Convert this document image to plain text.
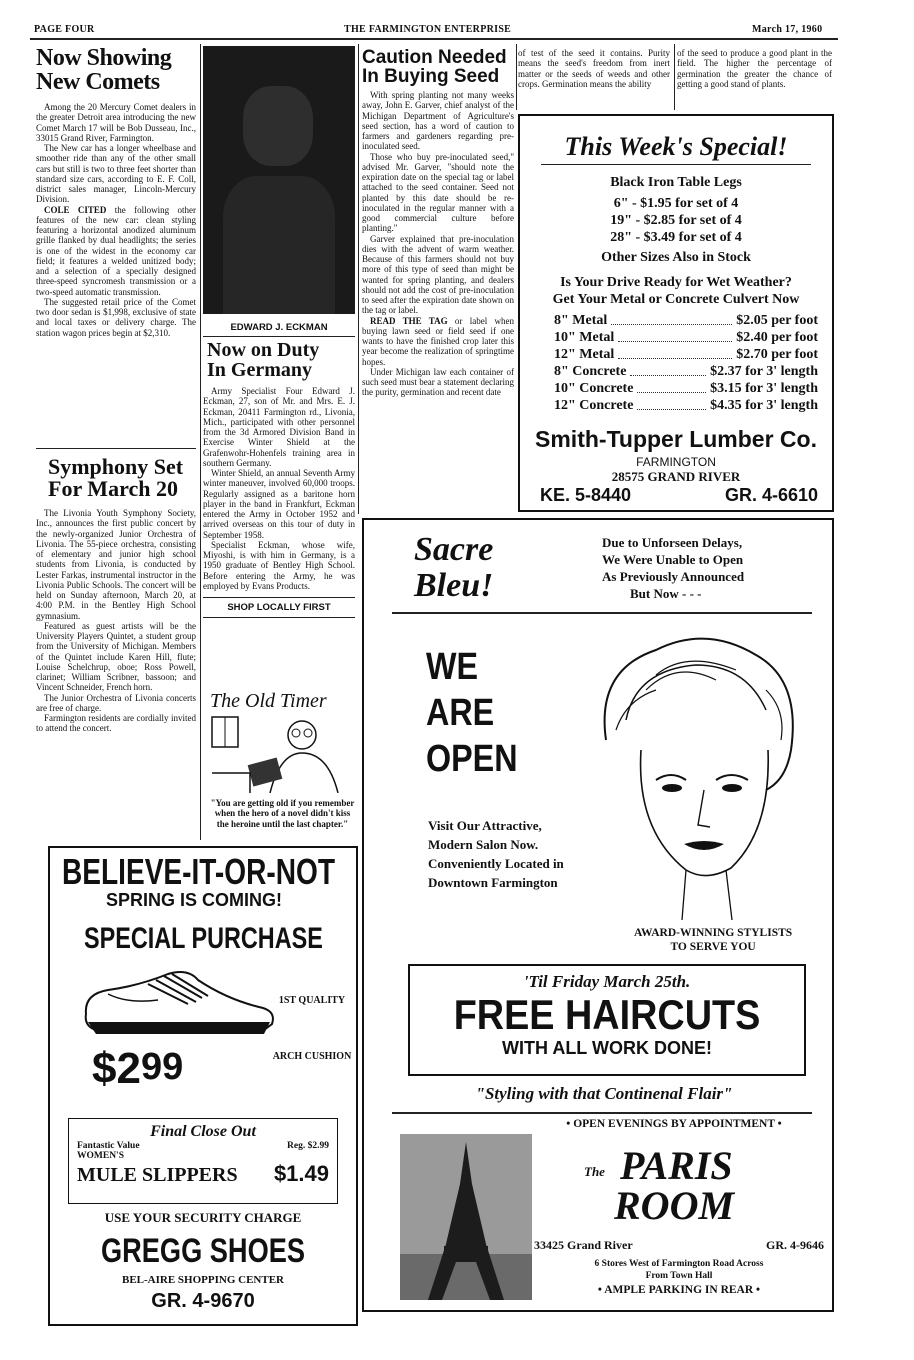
PAGE FOUR	THE FARMINGTON ENTERPRISE	March 17, 1960
Now Showing
New Comets

Among the 20 Mercury Comet dealers in the greater Detroit area introducing the new Comet March 17 will be Bob Dusseau, Inc., 33015 Grand River, Farmington.

The New car has a longer wheelbase and smoother ride than any of the other small cars but still is two to three feet shorter than standard size cars, according to E. F. Coll, district sales manager, Lincoln-Mercury Division.

COLE CITED the following other features of the new car: clean styling featuring a horizontal anodized aluminum grille flanked by dual headlights; the series is one of the widest in the economy car field; it features a welded unitized body; and a selection of a specially designed three-speed syncromesh transmission or a two-speed automatic transmission.

The suggested retail price of the Comet two door sedan is $1,998, exclusive of state and local taxes or delivery charge. The station wagon prices begin at $2,310.

Symphony Set
For March 20

The Livonia Youth Symphony Society, Inc., announces the first public concert by the newly-organized Junior Orchestra of Livonia. The 55-piece orchestra, consisting of elementary and junior high school students from Livonia, is conducted by Lester Farkas, instrumental instructor in the Livonia Public Schools. The concert will be held on Sunday afternoon, March 20, at 4:00 P.M. in the Bentley High School gymnasium.

Featured as guest artists will be the University Players Quintet, a student group from the University of Michigan. Members of the Quintet include Karen Hill, flute; Louise Schelchrup, oboe; Ross Powell, clarinet; William Scribner, bassoon; and Vincent Schneider, French horn.

The Junior Orchestra of Livonia concerts are free of charge.

Farmington residents are cordially invited to attend the concert.

EDWARD J. ECKMAN
Now on Duty
In Germany

Army Specialist Four Edward J. Eckman, 27, son of Mr. and Mrs. E. J. Eckman, 20411 Farmington rd., Livonia, Mich., participated with other personnel from the 3d Armored Division Band in Exercise Winter Shield at the Grafenwohr-Hohenfels training area in southern Germany.

Winter Shield, an annual Seventh Army winter maneuver, involved 60,000 troops. Regularly assigned as a baritone horn player in the band in Frankfurt, Eckman entered the Army in October 1952 and arrived overseas on this tour of duty in September 1958.

Specialist Eckman, whose wife, Miyoshi, is with him in Germany, is a 1950 graduate of Bentley High School. Before entering the Army, he was employed by Evans Products.

SHOP LOCALLY FIRST
The Old Timer
"You are getting old if you remember when the hero of a novel didn't kiss the heroine until the last chapter."
Caution Needed
In Buying Seed

With spring planting not many weeks away, John E. Garver, chief analyst of the Michigan Department of Agriculture's seed section, has a word of caution to farmers and gardeners regarding pre-inoculated seed.

Those who buy pre-inoculated seed," advised Mr. Garver, "should note the expiration date on the special tag or label attached to the seed container. Seed not planted by this date should be re-inoculated in the regular manner with a good commercial culture before planting."

Garver explained that pre-inoculation dies with the advent of warm weather. Because of this farmers should not buy more of this type of seed than might be wanted for spring planting, and dealers should not add the cost of pre-inoculation to seed after the expiration date shown on the tag or label.

READ THE TAG or label when buying lawn seed or field seed if one wants to have the finished crop later this year become the realization of springtime hopes.

Under Michigan law each container of such seed must bear a statement declaring the purity, germination and recent date

of test of the seed it contains. Purity means the seed's freedom from inert matter or the seeds of weeds and other crops. Germination means the ability
of the seed to produce a good plant in the field. The higher the percentage of germination the greater the chance of getting a good stand of plants.
This Week's Special!
Black Iron Table Legs
6" - $1.95 for set of 4
19" - $2.85 for set of 4
28" - $3.49 for set of 4
Other Sizes Also in Stock
Is Your Drive Ready for Wet Weather?
Get Your Metal or Concrete Culvert Now
8" Metal	$2.05 per foot
10" Metal	$2.40 per foot
12" Metal	$2.70 per foot
8" Concrete	$2.37 for 3' length
10" Concrete	$3.15 for 3' length
12" Concrete	$4.35 for 3' length
Smith-Tupper Lumber Co.
FARMINGTON
28575 GRAND RIVER
KE. 5-8440	GR. 4-6610
Sacre
Bleu!
Due to Unforseen Delays,
We Were Unable to Open
As Previously Announced
But Now - - -
WE
ARE
OPEN
Visit Our Attractive,
Modern Salon Now.
Conveniently Located in
Downtown Farmington
AWARD-WINNING STYLISTS
TO SERVE YOU
'Til Friday March 25th.
FREE HAIRCUTS
WITH ALL WORK DONE!
"Styling with that Continenal Flair"
• OPEN EVENINGS BY APPOINTMENT •
The PARIS
ROOM
33425 Grand River	GR. 4-9646
6 Stores West of Farmington Road Across
From Town Hall
• AMPLE PARKING IN REAR •
BELIEVE-IT-OR-NOT
SPRING IS COMING!
SPECIAL PURCHASE
1ST QUALITY
ARCH CUSHION
$299
Final Close Out
Fantastic Value	Reg. $2.99
WOMEN'S
MULE SLIPPERS $1.49
USE YOUR SECURITY CHARGE
GREGG SHOES
BEL-AIRE SHOPPING CENTER
GR. 4-9670
